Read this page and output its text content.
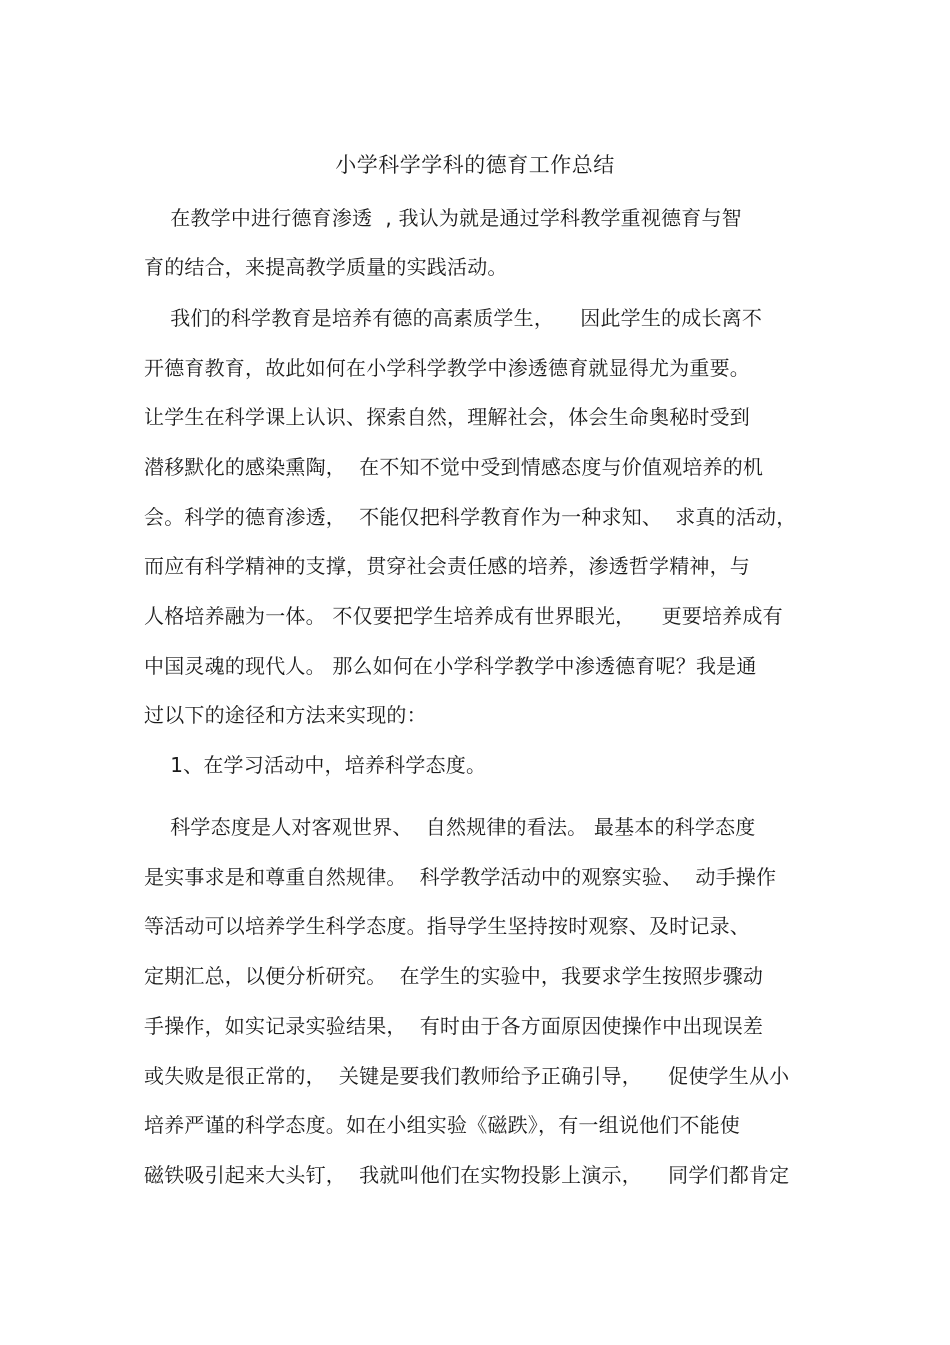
小学科学学科的德育工作总结
在教学中进行德育渗透  , 我认为就是通过学科教学重视德育与智
育的结合，来提高教学质量的实践活动。
我们的科学教育是培养有德的高素质学生，    因此学生的成长离不
开德育教育，故此如何在小学科学教学中渗透德育就显得尤为重要。
让学生在科学课上认识、探索自然，理解社会，体会生命奥秘时受到
潜移默化的感染熏陶，  在不知不觉中受到情感态度与价值观培养的机
会。科学的德育渗透，  不能仅把科学教育作为一种求知、  求真的活动，
而应有科学精神的支撑，贯穿社会责任感的培养，渗透哲学精神，与
人格培养融为一体。 不仅要把学生培养成有世界眼光，    更要培养成有
中国灵魂的现代人。 那么如何在小学科学教学中渗透德育呢？我是通
过以下的途径和方法来实现的：
1、在学习活动中，培养科学态度。
科学态度是人对客观世界、  自然规律的看法。 最基本的科学态度
是实事求是和尊重自然规律。  科学教学活动中的观察实验、  动手操作
等活动可以培养学生科学态度。指导学生坚持按时观察、及时记录、
定期汇总，以便分析研究。  在学生的实验中，我要求学生按照步骤动
手操作，如实记录实验结果，  有时由于各方面原因使操作中出现误差
或失败是很正常的，  关键是要我们教师给予正确引导，    促使学生从小
培养严谨的科学态度。如在小组实验《磁跌》，有一组说他们不能使
磁铁吸引起来大头钉，  我就叫他们在实物投影上演示，    同学们都肯定
